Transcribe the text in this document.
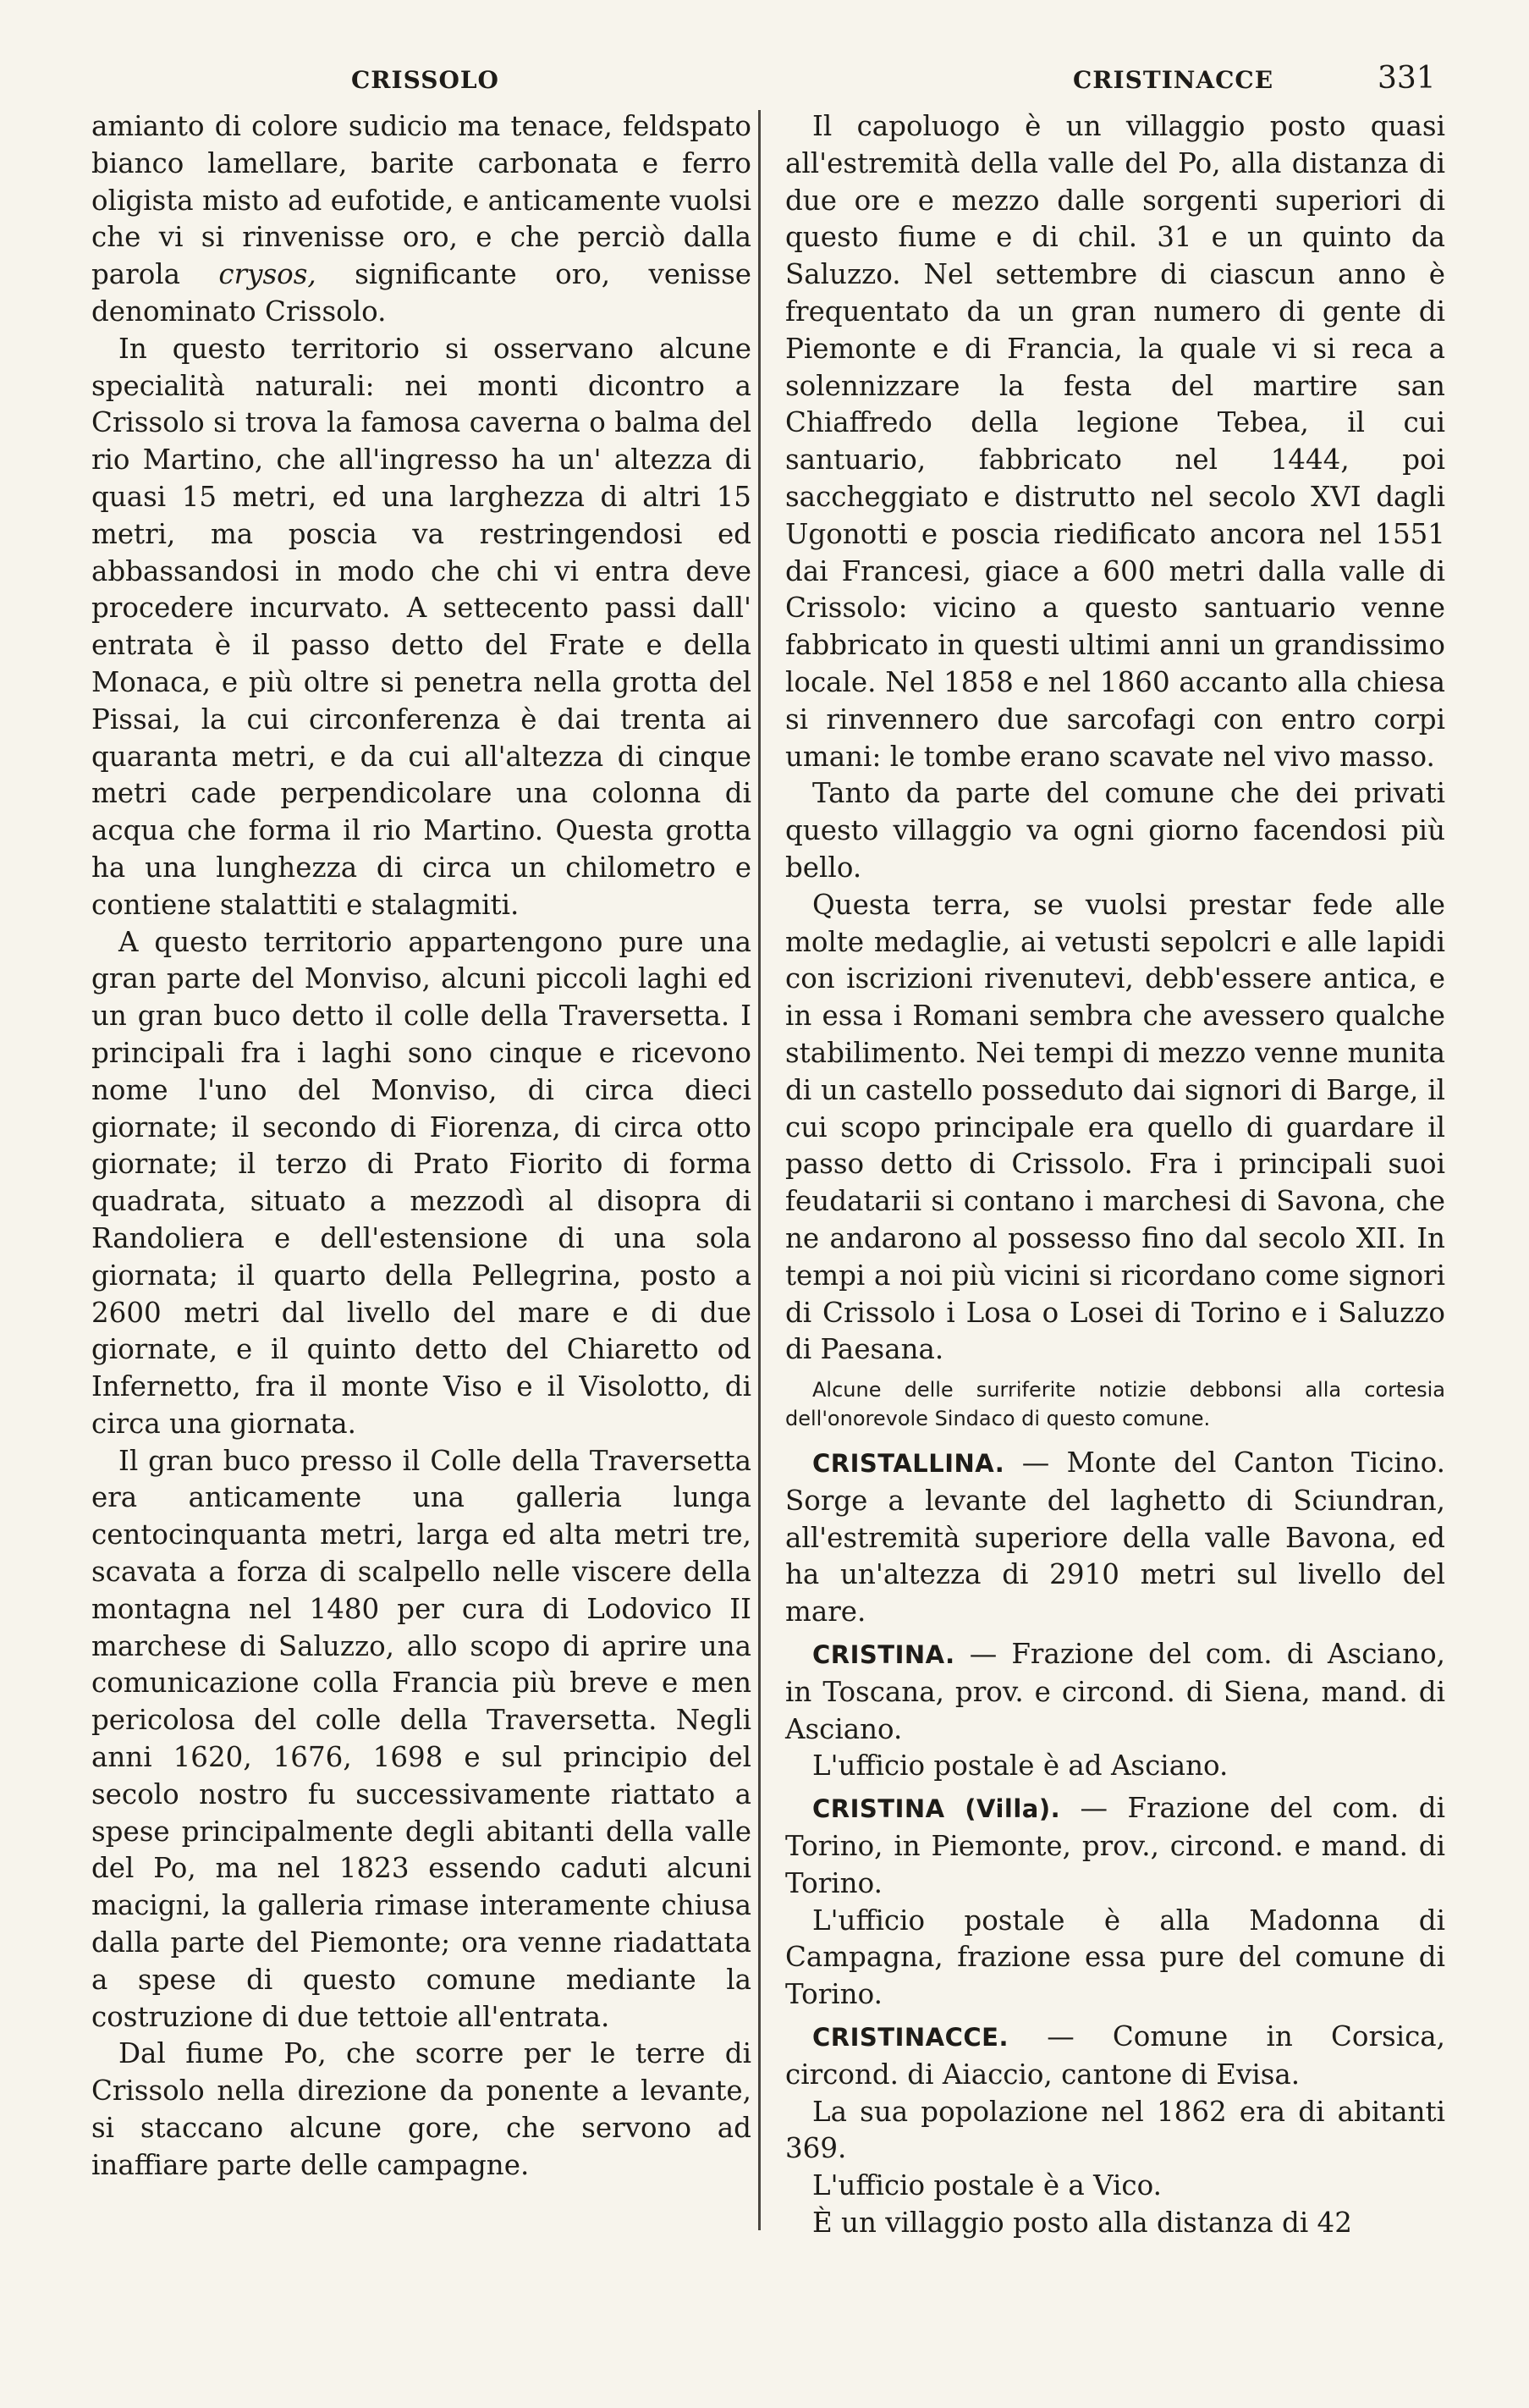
CRISSOLO	CRISTINACCE	331

amianto di colore sudicio ma tenace, feldspato bianco lamellare, barite carbonata e ferro oligista misto ad eufotide, e anticamente vuolsi che vi si rinvenisse oro, e che perciò dalla parola crysos, significante oro, venisse denominato Crissolo.

In questo territorio si osservano alcune specialità naturali: nei monti dicontro a Crissolo si trova la famosa caverna o balma del rio Martino, che all'ingresso ha un' altezza di quasi 15 metri, ed una larghezza di altri 15 metri, ma poscia va restringendosi ed abbassandosi in modo che chi vi entra deve procedere incurvato. A settecento passi dall' entrata è il passo detto del Frate e della Monaca, e più oltre si penetra nella grotta del Pissai, la cui circonferenza è dai trenta ai quaranta metri, e da cui all'altezza di cinque metri cade perpendicolare una colonna di acqua che forma il rio Martino. Questa grotta ha una lunghezza di circa un chilometro e contiene stalattiti e stalagmiti.

A questo territorio appartengono pure una gran parte del Monviso, alcuni piccoli laghi ed un gran buco detto il colle della Traversetta. I principali fra i laghi sono cinque e ricevono nome l'uno del Monviso, di circa dieci giornate; il secondo di Fiorenza, di circa otto giornate; il terzo di Prato Fiorito di forma quadrata, situato a mezzodì al disopra di Randoliera e dell'estensione di una sola giornata; il quarto della Pellegrina, posto a 2600 metri dal livello del mare e di due giornate, e il quinto detto del Chiaretto od Infernetto, fra il monte Viso e il Visolotto, di circa una giornata.

Il gran buco presso il Colle della Traversetta era anticamente una galleria lunga centocinquanta metri, larga ed alta metri tre, scavata a forza di scalpello nelle viscere della montagna nel 1480 per cura di Lodovico II marchese di Saluzzo, allo scopo di aprire una comunicazione colla Francia più breve e men pericolosa del colle della Traversetta. Negli anni 1620, 1676, 1698 e sul principio del secolo nostro fu successivamente riattato a spese principalmente degli abitanti della valle del Po, ma nel 1823 essendo caduti alcuni macigni, la galleria rimase interamente chiusa dalla parte del Piemonte; ora venne riadattata a spese di questo comune mediante la costruzione di due tettoie all'entrata.

Dal fiume Po, che scorre per le terre di Crissolo nella direzione da ponente a levante, si staccano alcune gore, che servono ad inaffiare parte delle campagne.

Il capoluogo è un villaggio posto quasi all'estremità della valle del Po, alla distanza di due ore e mezzo dalle sorgenti superiori di questo fiume e di chil. 31 e un quinto da Saluzzo. Nel settembre di ciascun anno è frequentato da un gran numero di gente di Piemonte e di Francia, la quale vi si reca a solennizzare la festa del martire san Chiaffredo della legione Tebea, il cui santuario, fabbricato nel 1444, poi saccheggiato e distrutto nel secolo XVI dagli Ugonotti e poscia riedificato ancora nel 1551 dai Francesi, giace a 600 metri dalla valle di Crissolo: vicino a questo santuario venne fabbricato in questi ultimi anni un grandissimo locale. Nel 1858 e nel 1860 accanto alla chiesa si rinvennero due sarcofagi con entro corpi umani: le tombe erano scavate nel vivo masso.

Tanto da parte del comune che dei privati questo villaggio va ogni giorno facendosi più bello.

Questa terra, se vuolsi prestar fede alle molte medaglie, ai vetusti sepolcri e alle lapidi con iscrizioni rivenutevi, debb'essere antica, e in essa i Romani sembra che avessero qualche stabilimento. Nei tempi di mezzo venne munita di un castello posseduto dai signori di Barge, il cui scopo principale era quello di guardare il passo detto di Crissolo. Fra i principali suoi feudatarii si contano i marchesi di Savona, che ne andarono al possesso fino dal secolo XII. In tempi a noi più vicini si ricordano come signori di Crissolo i Losa o Losei di Torino e i Saluzzo di Paesana.

Alcune delle surriferite notizie debbonsi alla cortesia dell'onorevole Sindaco di questo comune.

CRISTALLINA. — Monte del Canton Ticino. Sorge a levante del laghetto di Sciundran, all'estremità superiore della valle Bavona, ed ha un'altezza di 2910 metri sul livello del mare.

CRISTINA. — Frazione del com. di Asciano, in Toscana, prov. e circond. di Siena, mand. di Asciano.

L'ufficio postale è ad Asciano.

CRISTINA (Villa). — Frazione del com. di Torino, in Piemonte, prov., circond. e mand. di Torino.

L'ufficio postale è alla Madonna di Campagna, frazione essa pure del comune di Torino.

CRISTINACCE. — Comune in Corsica, circond. di Aiaccio, cantone di Evisa.

La sua popolazione nel 1862 era di abitanti 369.

L'ufficio postale è a Vico.

È un villaggio posto alla distanza di 42
